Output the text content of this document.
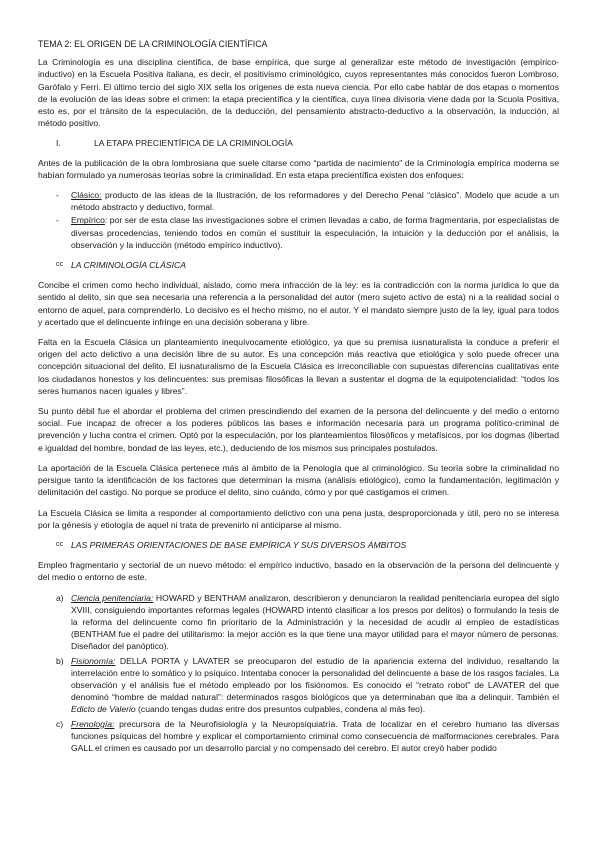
TEMA 2: EL ORIGEN DE LA CRIMINOLOGÍA CIENTÍFICA

La Criminología es una disciplina científica, de base empírica, que surge al generalizar este método de investigación (empírico-inductivo) en la Escuela Positiva italiana, es decir, el positivismo criminológico, cuyos representantes más conocidos fueron Lombroso, Garófalo y Ferri. El último tercio del siglo XIX sella los orígenes de esta nueva ciencia. Por ello cabe hablar de dos etapas o momentos de la evolución de las ideas sobre el crimen: la etapa precientífica y la científica, cuya línea divisoria viene dada por la Scuola Positiva, esto es, por el tránsito de la especulación, de la deducción, del pensamiento abstracto-deductivo a la observación, la inducción, al método positivo.

I.	LA ETAPA PRECIENTÍFICA DE LA CRIMINOLOGÍA

Antes de la publicación de la obra lombrosiana que suele citarse como “partida de nacimiento” de la Criminología empírica moderna se habían formulado ya numerosas teorías sobre la criminalidad. En esta etapa precientífica existen dos enfoques:

-	Clásico: producto de las ideas de la Ilustración, de los reformadores y del Derecho Penal “clásico”. Modelo que acude a un método abstracto y deductivo, formal.
-	Empírico: por ser de esta clase las investigaciones sobre el crimen llevadas a cabo, de forma fragmentaria, por especialistas de diversas procedencias, teniendo todos en común el sustituir la especulación, la intuición y la deducción por el análisis, la observación y la inducción (método empírico inductivo).
cc LA CRIMINOLOGÍA CLÁSICA

Concibe el crimen como hecho individual, aislado, como mera infracción de la ley: es la contradicción con la norma jurídica lo que da sentido al delito, sin que sea necesaria una referencia a la personalidad del autor (mero sujeto activo de esta) ni a la realidad social o entorno de aquel, para comprenderlo. Lo decisivo es el hecho mismo, no el autor. Y el mandato siempre justo de la ley, igual para todos y acertado que el delincuente infringe en una decisión soberana y libre.

Falta en la Escuela Clásica un planteamiento inequívocamente etiológico, ya que su premisa iusnaturalista la conduce a preferir el origen del acto delictivo a una decisión libre de su autor. Es una concepción más reactiva que etiológica y solo puede ofrecer una concepción situacional del delito. El iusnaturalismo de la Escuela Clásica es irreconciliable con supuestas diferencias cualitativas ente los ciudadanos honestos y los delincuentes: sus premisas filosóficas la llevan a sustentar el dogma de la equipotencialidad: “todos los seres humanos nacen iguales y libres”.

Su punto débil fue el abordar el problema del crimen prescindiendo del examen de la persona del delincuente y del medio o entorno social. Fue incapaz de ofrecer a los poderes públicos las bases e información necesaria para un programa político-criminal de prevención y lucha contra el crimen. Optó por la especulación, por los planteamientos filosóficos y metafísicos, por los dogmas (libertad e igualdad del hombre, bondad de las leyes, etc.), deduciendo de los mismos sus principales postulados.

La aportación de la Escuela Clásica pertenece más al ámbito de la Penología que al criminológico. Su teoría sobre la criminalidad no persigue tanto la identificación de los factores que determinan la misma (análisis etiológico), como la fundamentación, legitimación y delimitación del castigo. No porque se produce el delito, sino cuándo, cómo y por qué castigamos el crimen.

La Escuela Clásica se limita a responder al comportamiento delictivo con una pena justa, desproporcionada y útil, pero no se interesa por la génesis y etiología de aquel ni trata de prevenirlo ni anticiparse al mismo.

cc LAS PRIMERAS ORIENTACIONES DE BASE EMPÍRICA Y SUS DIVERSOS ÁMBITOS

Empleo fragmentario y sectorial de un nuevo método: el empírico inductivo, basado en la observación de la persona del delincuente y del medio o entorno de este.

a) Ciencia penitenciaria: HOWARD y BENTHAM analizaron, describieron y denunciaron la realidad penitenciaria europea del siglo XVIII, consiguiendo importantes reformas legales (HOWARD intentó clasificar a los presos por delitos) o formulando la tesis de la reforma del delincuente como fin prioritario de la Administración y la necesidad de acudir al empleo de estadísticas (BENTHAM fue el padre del utilitarismo: la mejor acción es la que tiene una mayor utilidad para el mayor número de personas. Diseñador del panóptico).
b) Fisionomía: DELLA PORTA y LAVATER se preocuparon del estudio de la apariencia externa del individuo, resaltando la interrelación entre lo somático y lo psíquico. Intentaba conocer la personalidad del delincuente a base de los rasgos faciales. La observación y el análisis fue el método empleado por los fisiónomos. Es conocido el “retrato robot” de LAVATER del que denominó “hombre de maldad natural”: determinados rasgos biológicos que ya determinaban que iba a delinquir. También el Edicto de Valerio (cuando tengas dudas entre dos presuntos culpables, condena al más feo).
c) Frenología: precursora de la Neurofisiología y la Neuropsiquiatría. Trata de localizar en el cerebro humano las diversas funciones psíquicas del hombre y explicar el comportamiento criminal como consecuencia de malformaciones cerebrales. Para GALL el crimen es causado por un desarrollo parcial y no compensado del cerebro. El autor creyó haber podido
